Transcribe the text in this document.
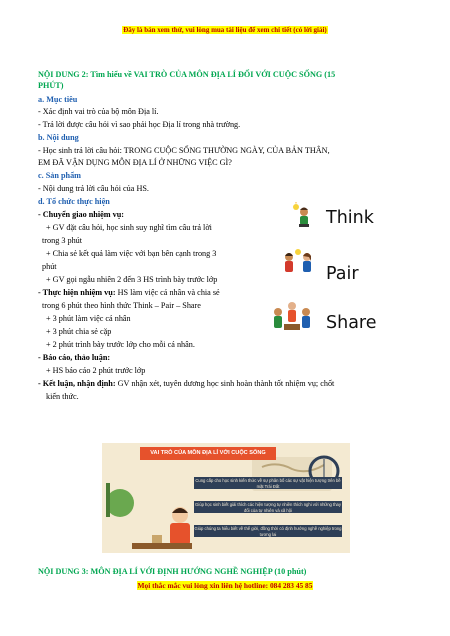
Đây là bản xem thử, vui lòng mua tài liệu để xem chi tiết (có lời giải)
NỘI DUNG 2: Tìm hiểu về VAI TRÒ CỦA MÔN ĐỊA LÍ ĐỐI VỚI CUỘC SỐNG (15
PHÚT)
a. Mục tiêu
- Xác định vai trò của bộ môn Địa lí.
- Trả lời được câu hỏi vì sao phải học Địa lí trong nhà trường.
b. Nội dung
- Học sinh trả lời câu hỏi: TRONG CUỘC SỐNG THƯỜNG NGÀY, CỦA BẢN THÂN,
EM ĐÃ VẬN DỤNG MÔN ĐỊA LÍ Ở NHỮNG VIỆC GÌ?
c. Sản phẩm
- Nội dung trả lời câu hỏi của HS.
d. Tổ chức thực hiện
- Chuyển giao nhiệm vụ:
+ GV đặt câu hỏi, học sinh suy nghĩ tìm câu trả lời
trong 3 phút
+ Chia sẻ kết quả làm việc với bạn bên cạnh trong 3
phút
+ GV gọi ngẫu nhiên 2 đến 3 HS trình bày trước lớp
- Thực hiện nhiệm vụ: HS làm việc cá nhân và chia sẻ
trong 6 phút theo hình thức Think – Pair – Share
+ 3 phút làm việc cá nhân
+ 3 phút chia sẻ cặp
+ 2 phút trình bày trước lớp cho mỗi cá nhân.
- Báo cáo, thảo luận:
+ HS báo cáo 2 phút trước lớp
- Kết luận, nhận định: GV nhận xét, tuyên dương học sinh hoàn thành tốt nhiệm vụ; chốt
kiến thức.
Think
Pair
Share
VAI TRÒ CỦA MÔN ĐỊA LÍ VỚI CUỘC SỐNG
Cung cấp cho học sinh kiến thức về sự phân bố các sự vật hiện tượng trên bề mặt Trái Đất
Giúp học sinh biết giải thích các hiện tượng tự nhiên thích nghi với những thay đổi của tự nhiên và xã hội
Giúp chúng ta hiểu biết về thế giới, đồng thời có định hướng nghề nghiệp trong tương lai
NỘI DUNG 3: MÔN ĐỊA LÍ VỚI ĐỊNH HƯỚNG NGHỀ NGHIỆP (10 phút)
Mọi thắc mắc vui lòng xin liên hệ hotline: 084 283 45 85
